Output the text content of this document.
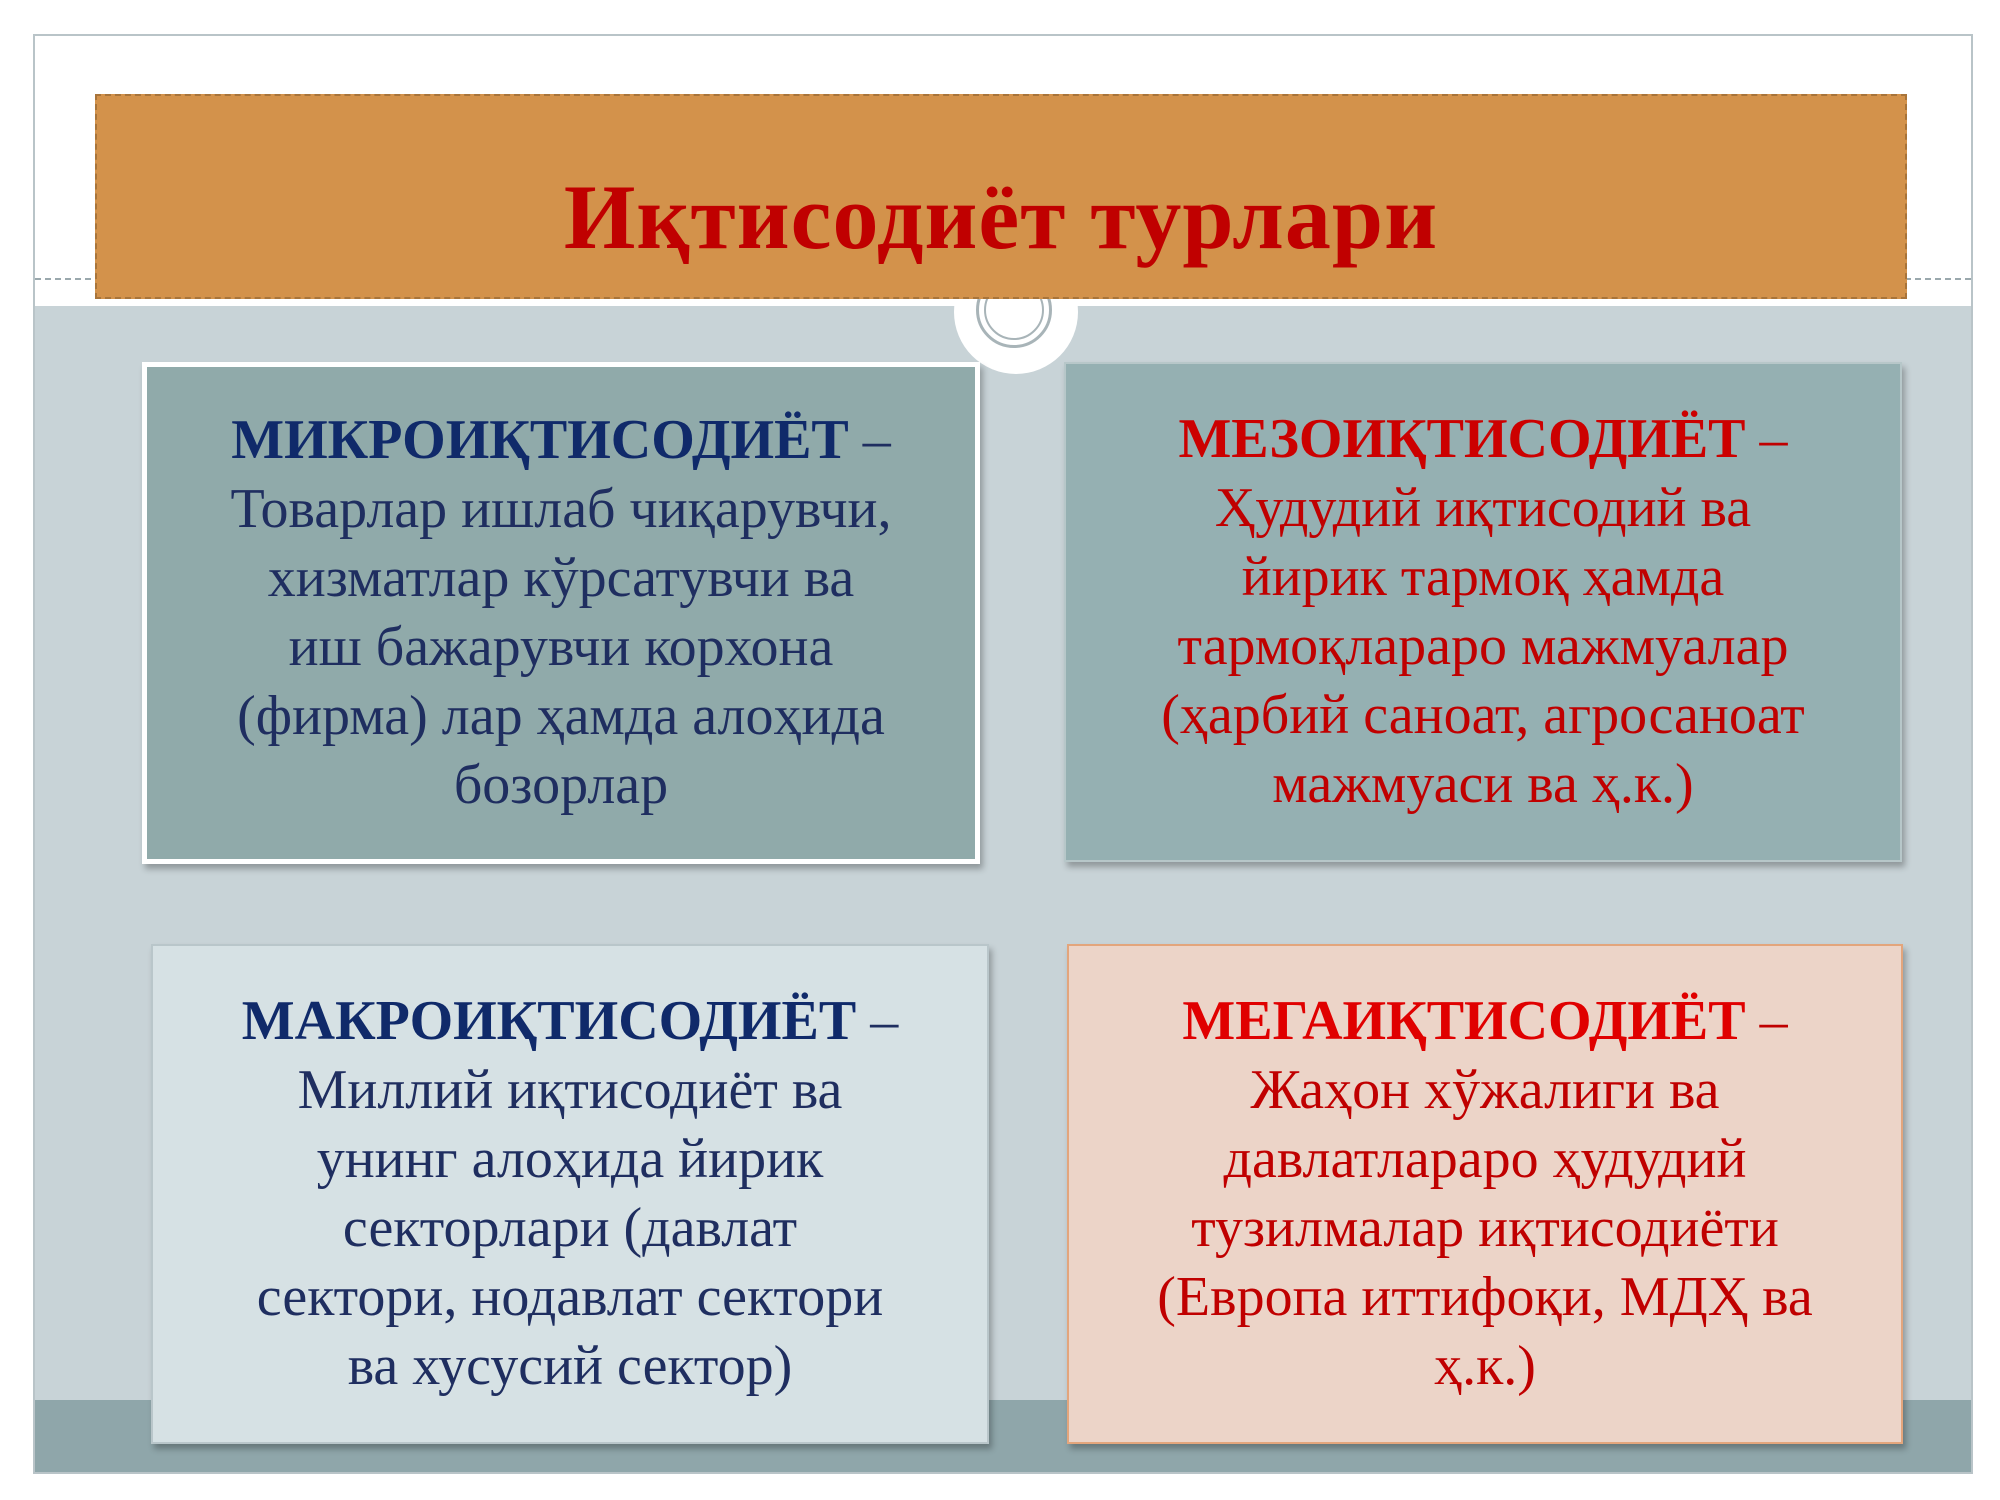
Иқтисодиёт турлари

МИКРОИҚТИСОДИЁТ –
Товарлар ишлаб чиқарувчи,
хизматлар кўрсатувчи ва
иш бажарувчи корхона
(фирма) лар ҳамда алоҳида
бозорлар

МЕЗОИҚТИСОДИЁТ –
Ҳудудий иқтисодий ва
йирик тармоқ ҳамда
тармоқлараро мажмуалар
(ҳарбий саноат, агросаноат
мажмуаси ва ҳ.к.)

МАКРОИҚТИСОДИЁТ –
Миллий иқтисодиёт ва
унинг алоҳида йирик
секторлари (давлат
сектори, нодавлат сектори
ва хусусий сектор)

МЕГАИҚТИСОДИЁТ –
Жаҳон хўжалиги ва
давлатлараро ҳудудий
тузилмалар иқтисодиёти
(Европа иттифоқи, МДҲ ва
ҳ.к.)
